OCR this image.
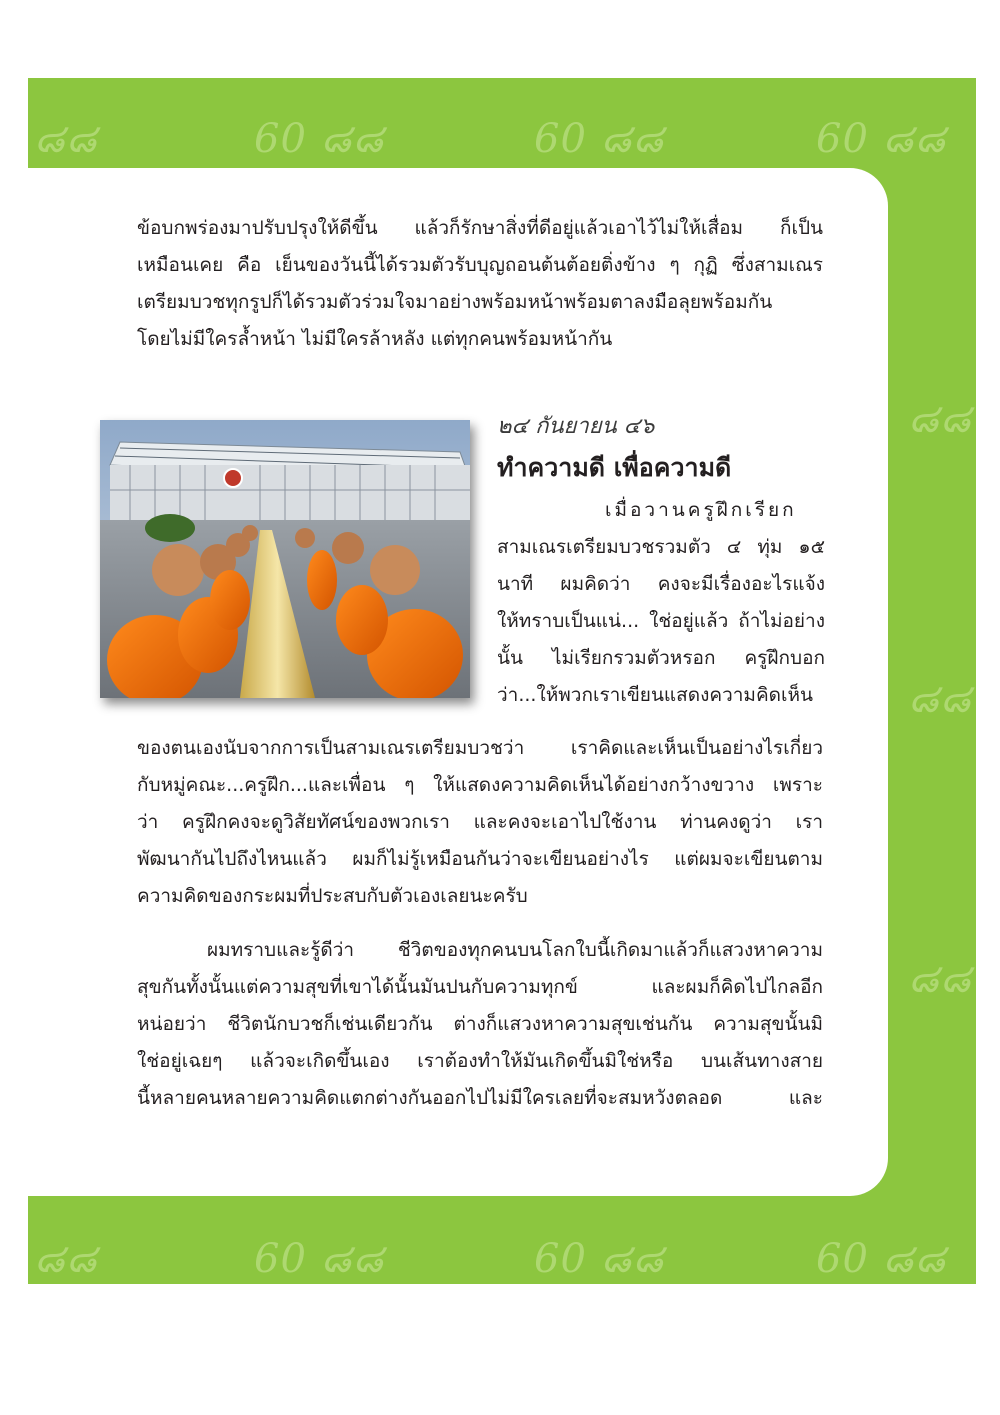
๘๘	60 ๘๘	60 ๘๘	60 ๘๘
๘๘
๘๘
๘๘
๘๘	60 ๘๘	60 ๘๘	60 ๘๘

ข้อบกพร่องมาปรับปรุงให้ดีขึ้น แล้วก็รักษาสิ่งที่ดีอยู่แล้วเอาไว้ไม่ให้เสื่อม ก็เป็น
เหมือนเคย คือ เย็นของวันนี้ได้รวมตัวรับบุญถอนต้นต้อยติ่งข้าง ๆ กุฏิ ซึ่งสามเณร
เตรียมบวชทุกรูปก็ได้รวมตัวร่วมใจมาอย่างพร้อมหน้าพร้อมตาลงมือลุยพร้อมกัน
โดยไม่มีใครล้ำหน้า ไม่มีใครล้าหลัง แต่ทุกคนพร้อมหน้ากัน

๒๔ กันยายน ๔๖
ทำความดี เพื่อความดี

เมื่อวานครูฝึกเรียก
สามเณรเตรียมบวชรวมตัว ๔ ทุ่ม ๑๕
นาที ผมคิดว่า คงจะมีเรื่องอะไรแจ้ง
ให้ทราบเป็นแน่... ใช่อยู่แล้ว ถ้าไม่อย่าง
นั้น ไม่เรียกรวมตัวหรอก ครูฝึกบอก
ว่า...ให้พวกเราเขียนแสดงความคิดเห็น

ของตนเองนับจากการเป็นสามเณรเตรียมบวชว่า เราคิดและเห็นเป็นอย่างไรเกี่ยว
กับหมู่คณะ...ครูฝึก...และเพื่อน ๆ ให้แสดงความคิดเห็นได้อย่างกว้างขวาง เพราะ
ว่า ครูฝึกคงจะดูวิสัยทัศน์ของพวกเรา และคงจะเอาไปใช้งาน ท่านคงดูว่า เรา
พัฒนากันไปถึงไหนแล้ว ผมก็ไม่รู้เหมือนกันว่าจะเขียนอย่างไร แต่ผมจะเขียนตาม
ความคิดของกระผมที่ประสบกับตัวเองเลยนะครับ

ผมทราบและรู้ดีว่า ชีวิตของทุกคนบนโลกใบนี้เกิดมาแล้วก็แสวงหาความ
สุขกันทั้งนั้นแต่ความสุขที่เขาได้นั้นมันปนกับความทุกข์ และผมก็คิดไปไกลอีก
หน่อยว่า ชีวิตนักบวชก็เช่นเดียวกัน ต่างก็แสวงหาความสุขเช่นกัน ความสุขนั้นมิ
ใช่อยู่เฉยๆ แล้วจะเกิดขึ้นเอง เราต้องทำให้มันเกิดขึ้นมิใช่หรือ บนเส้นทางสาย
นี้หลายคนหลายความคิดแตกต่างกันออกไปไม่มีใครเลยที่จะสมหวังตลอด และ
